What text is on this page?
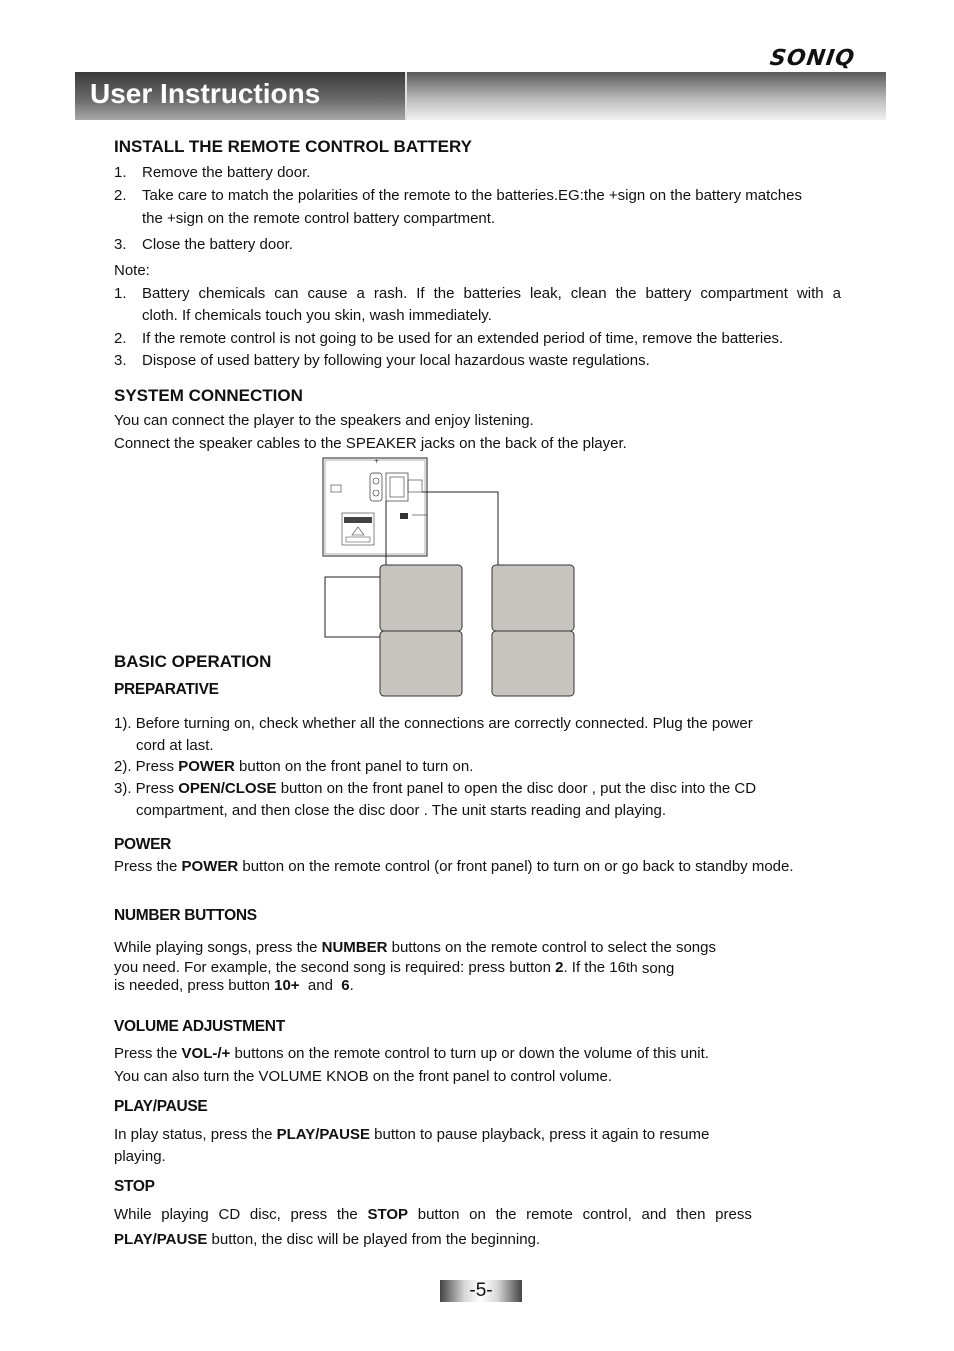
SONIQ
User Instructions
INSTALL THE REMOTE CONTROL BATTERY
1.	Remove the battery door.
2.	Take care to match the polarities of the remote to the batteries.EG:the +sign on the battery matches
the +sign on the remote control battery compartment.
3.	Close the battery door.
Note:
1.	Battery chemicals can cause a rash. If the batteries leak, clean the battery compartment with a
cloth. If chemicals touch you skin, wash immediately.
2.	If the remote control is not going to be used for an extended period of time, remove the batteries.
3.	Dispose of used battery by following your local hazardous waste regulations.
SYSTEM CONNECTION
You can connect the player to the speakers and enjoy listening.
Connect the speaker cables to the SPEAKER jacks on the back of the player.
+
BASIC OPERATION
PREPARATIVE
1). Before turning on, check whether all the connections are correctly connected. Plug the power
cord at last.
2). Press POWER button on the front panel to turn on.
3). Press OPEN/CLOSE button on the front panel to open the disc door , put the disc into the CD
compartment, and then close the disc door . The unit starts reading and playing.
POWER
Press the POWER button on the remote control (or front panel) to turn on or go back to standby mode.
NUMBER BUTTONS
While playing songs, press the NUMBER buttons on the remote control to select the songs
you need. For example, the second song is required: press button 2. If the 16th song
is needed, press button 10+  and  6.
VOLUME ADJUSTMENT
Press the VOL-/+ buttons on the remote control to turn up or down the volume of this unit.
You can also turn the VOLUME KNOB on the front panel to control volume.
PLAY/PAUSE
In play status, press the PLAY/PAUSE button to pause playback, press it again to resume
playing.
STOP
While playing CD disc, press the STOP button on the remote control, and then press
PLAY/PAUSE button, the disc will be played from the beginning.
-5-
